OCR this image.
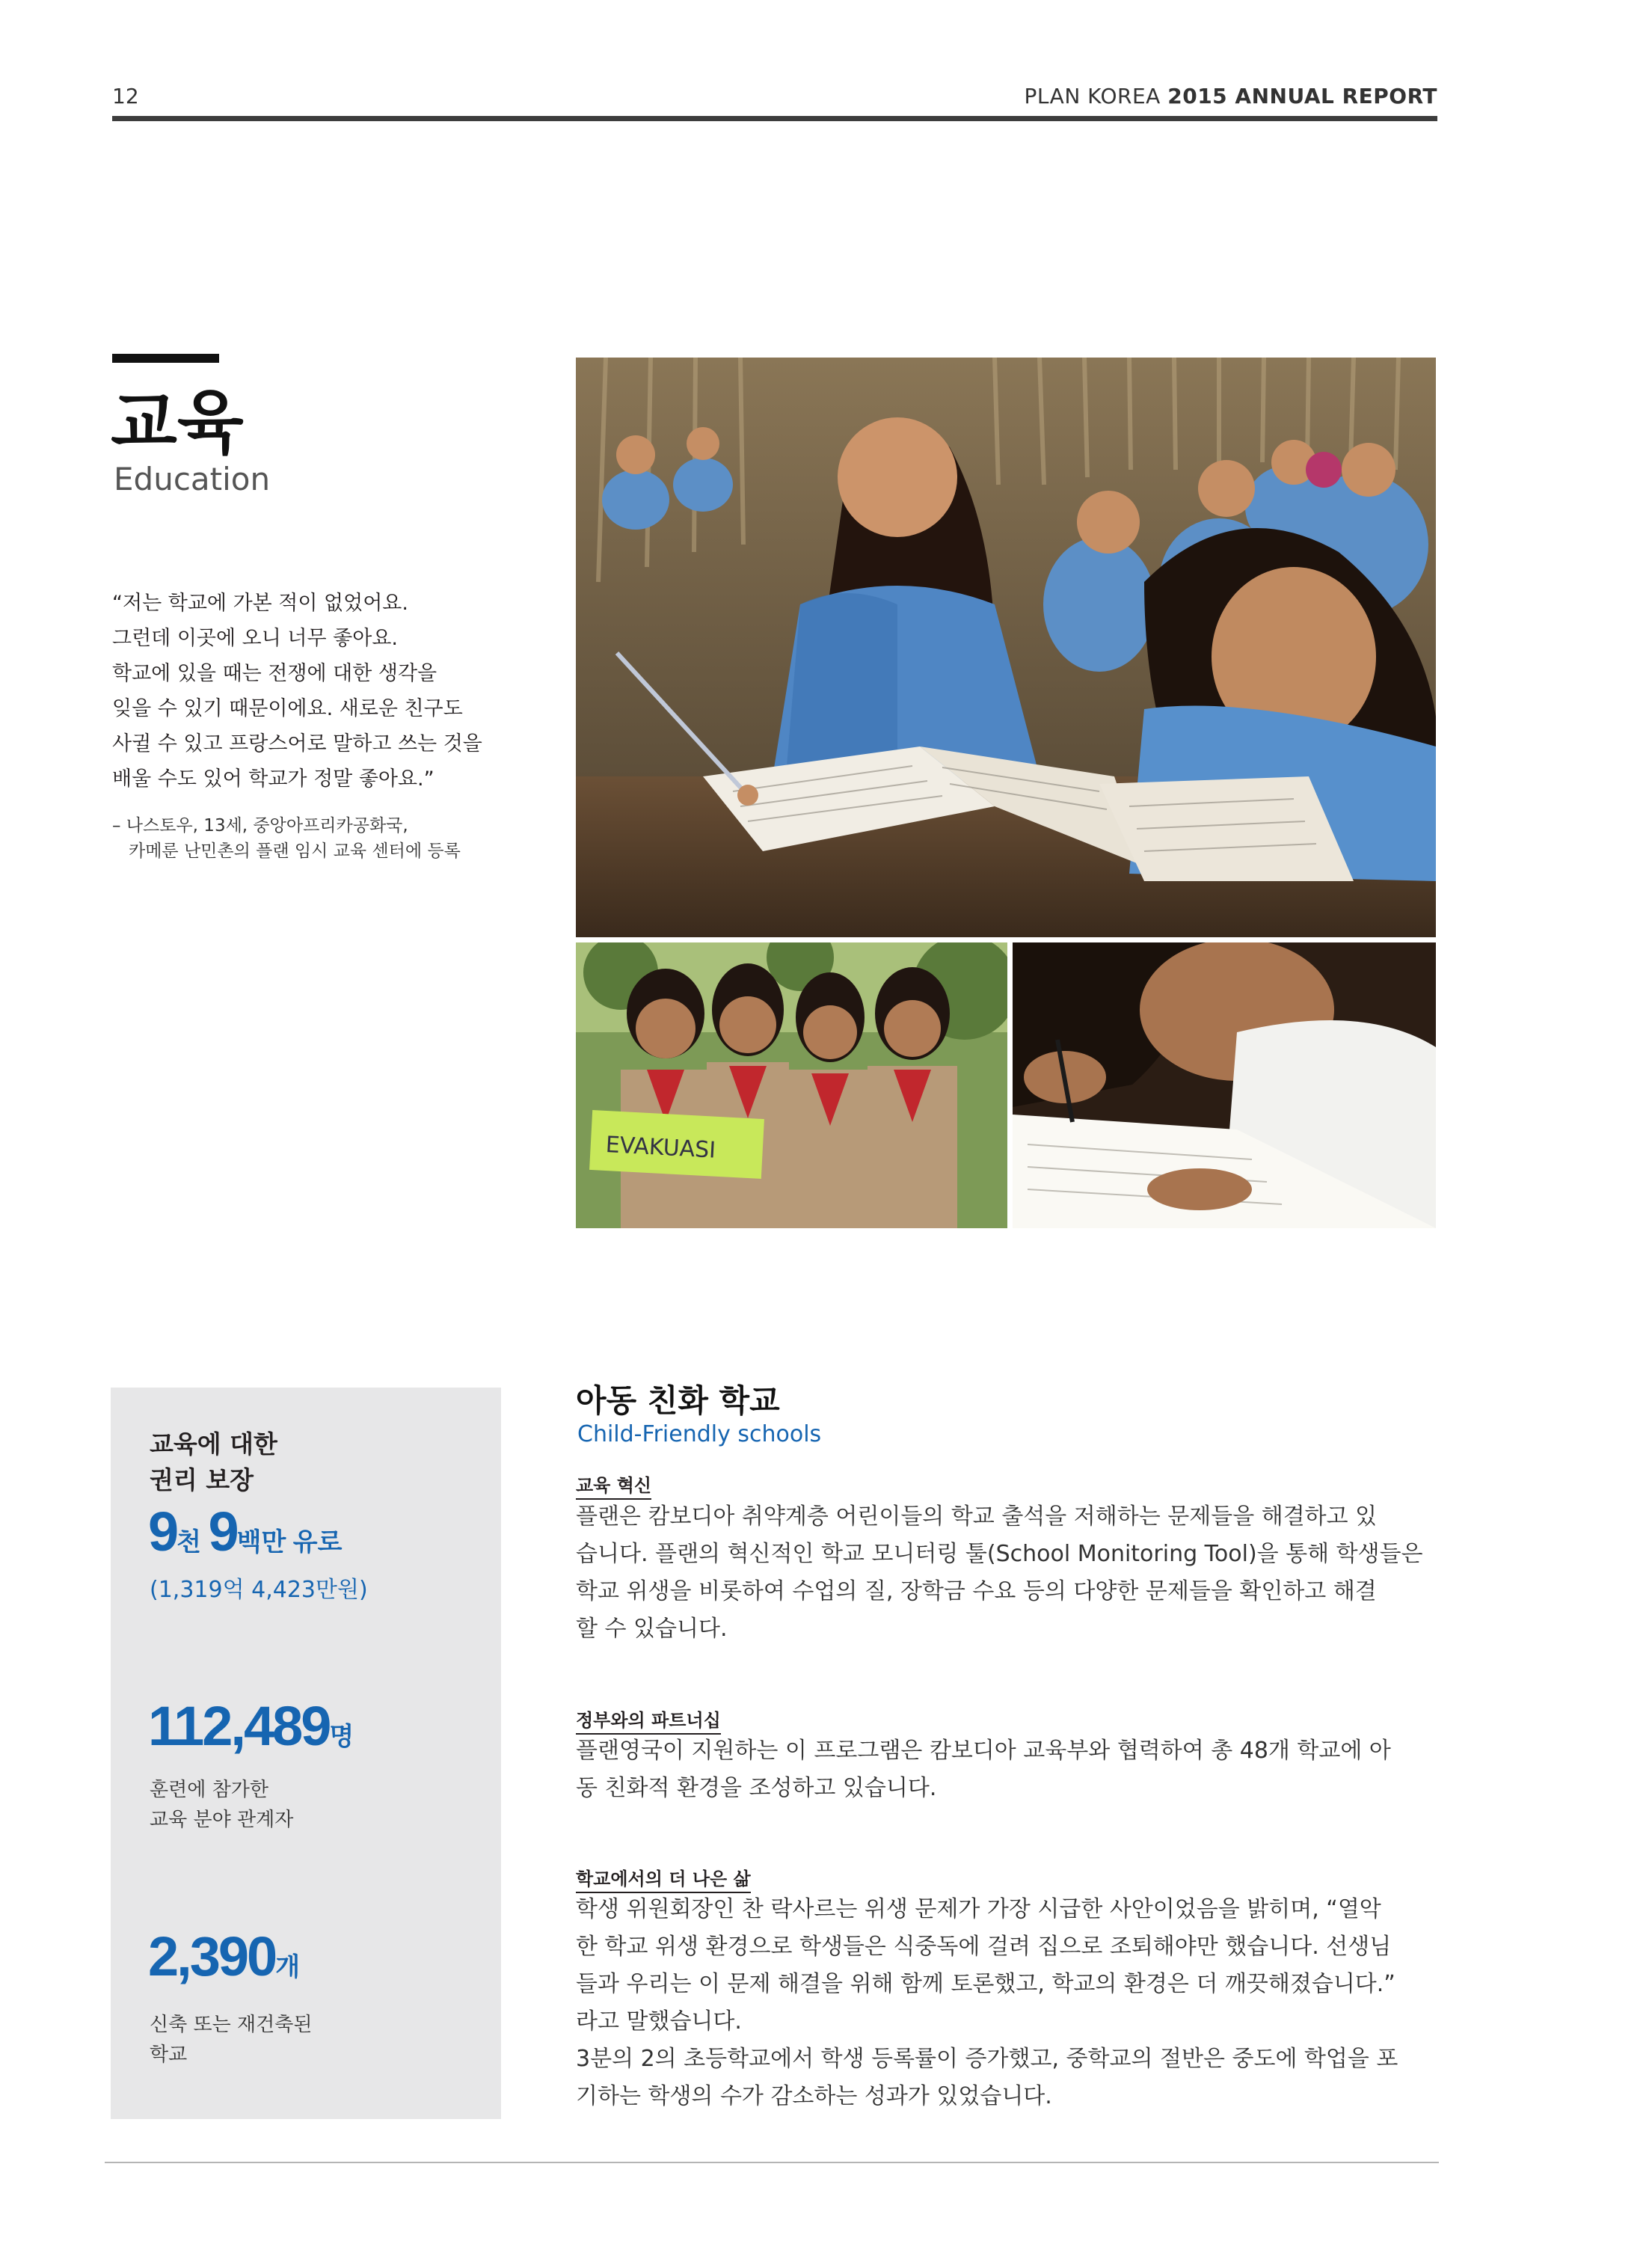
12	PLAN KOREA 2015 ANNUAL REPORT
교육
Education
“저는 학교에 가본 적이 없었어요.
그런데 이곳에 오니 너무 좋아요.
학교에 있을 때는 전쟁에 대한 생각을
잊을 수 있기 때문이에요. 새로운 친구도
사귈 수 있고 프랑스어로 말하고 쓰는 것을
배울 수도 있어 학교가 정말 좋아요.”
– 나스토우, 13세, 중앙아프리카공화국,
카메룬 난민촌의 플랜 임시 교육 센터에 등록
EVAKUASI
교육에 대한
권리 보장
9천 9백만 유로
(1,319억 4,423만원)
112,489명
훈련에 참가한
교육 분야 관계자
2,390개
신축 또는 재건축된
학교
아동 친화 학교
Child-Friendly schools
교육 혁신
플랜은 캄보디아 취약계층 어린이들의 학교 출석을 저해하는 문제들을 해결하고 있
습니다. 플랜의 혁신적인 학교 모니터링 툴(School Monitoring Tool)을 통해 학생들은
학교 위생을 비롯하여 수업의 질, 장학금 수요 등의 다양한 문제들을 확인하고 해결
할 수 있습니다.
정부와의 파트너십
플랜영국이 지원하는 이 프로그램은 캄보디아 교육부와 협력하여 총 48개 학교에 아
동 친화적 환경을 조성하고 있습니다.
학교에서의 더 나은 삶
학생 위원회장인 찬 락사르는 위생 문제가 가장 시급한 사안이었음을 밝히며, “열악
한 학교 위생 환경으로 학생들은 식중독에 걸려 집으로 조퇴해야만 했습니다. 선생님
들과 우리는 이 문제 해결을 위해 함께 토론했고, 학교의 환경은 더 깨끗해졌습니다.”
라고 말했습니다.
3분의 2의 초등학교에서 학생 등록률이 증가했고, 중학교의 절반은 중도에 학업을 포
기하는 학생의 수가 감소하는 성과가 있었습니다.
